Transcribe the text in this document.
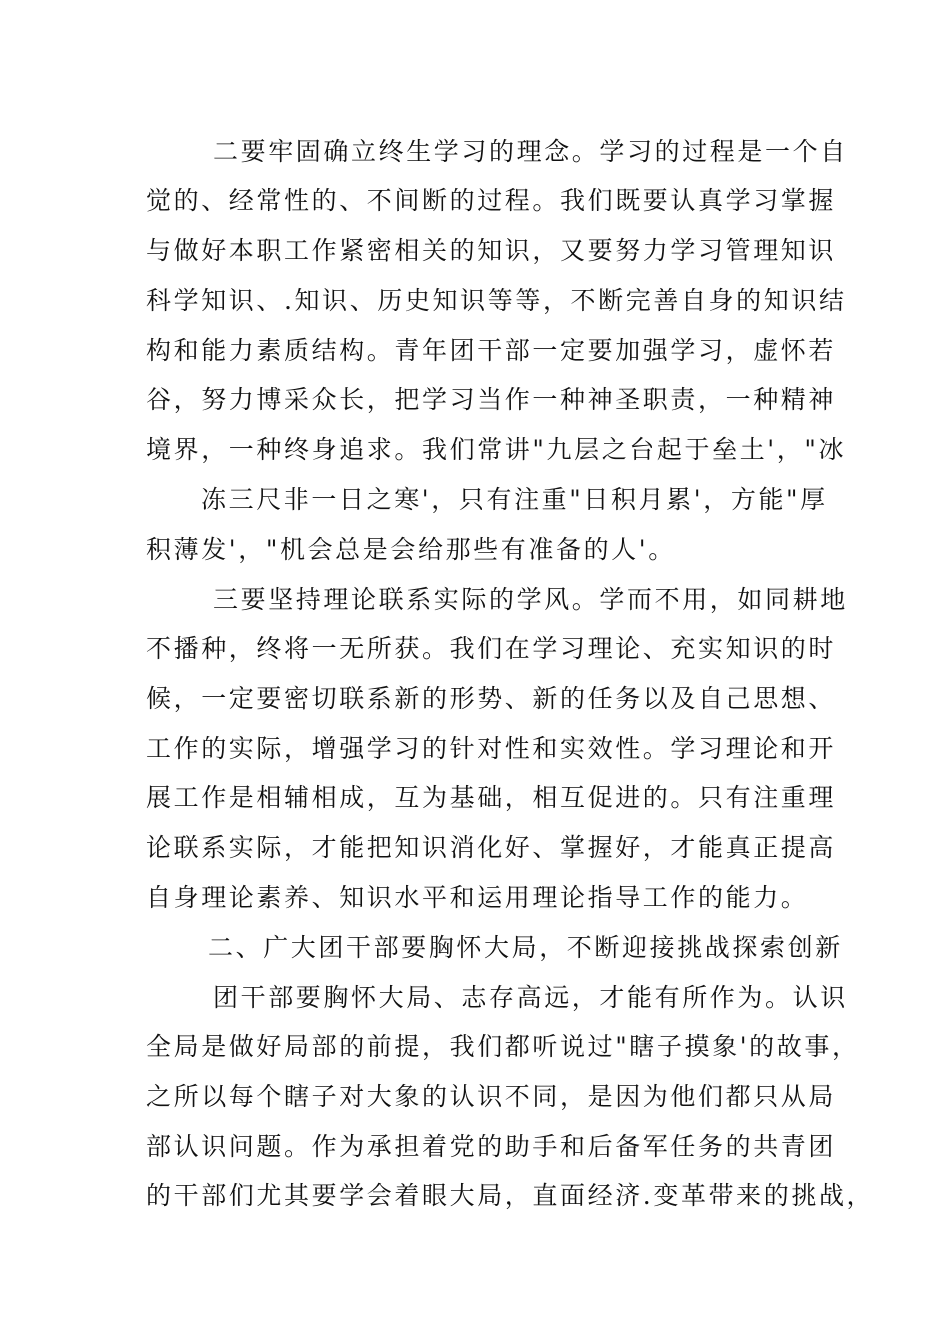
二要牢固确立终生学习的理念。学习的过程是一个自
觉的、经常性的、不间断的过程。我们既要认真学习掌握
与做好本职工作紧密相关的知识，又要努力学习管理知识
科学知识、.知识、历史知识等等，不断完善自身的知识结
构和能力素质结构。青年团干部一定要加强学习，虚怀若
谷，努力博采众长，把学习当作一种神圣职责，一种精神
境界，一种终身追求。我们常讲"九层之台起于垒土'，"冰
冻三尺非一日之寒'，只有注重"日积月累'，方能"厚
积薄发'，"机会总是会给那些有准备的人'。
三要坚持理论联系实际的学风。学而不用，如同耕地
不播种，终将一无所获。我们在学习理论、充实知识的时
候，一定要密切联系新的形势、新的任务以及自己思想、
工作的实际，增强学习的针对性和实效性。学习理论和开
展工作是相辅相成，互为基础，相互促进的。只有注重理
论联系实际，才能把知识消化好、掌握好，才能真正提高
自身理论素养、知识水平和运用理论指导工作的能力。
二、广大团干部要胸怀大局，不断迎接挑战探索创新
团干部要胸怀大局、志存高远，才能有所作为。认识
全局是做好局部的前提，我们都听说过"瞎子摸象'的故事，
之所以每个瞎子对大象的认识不同，是因为他们都只从局
部认识问题。作为承担着党的助手和后备军任务的共青团
的干部们尤其要学会着眼大局，直面经济.变革带来的挑战，
